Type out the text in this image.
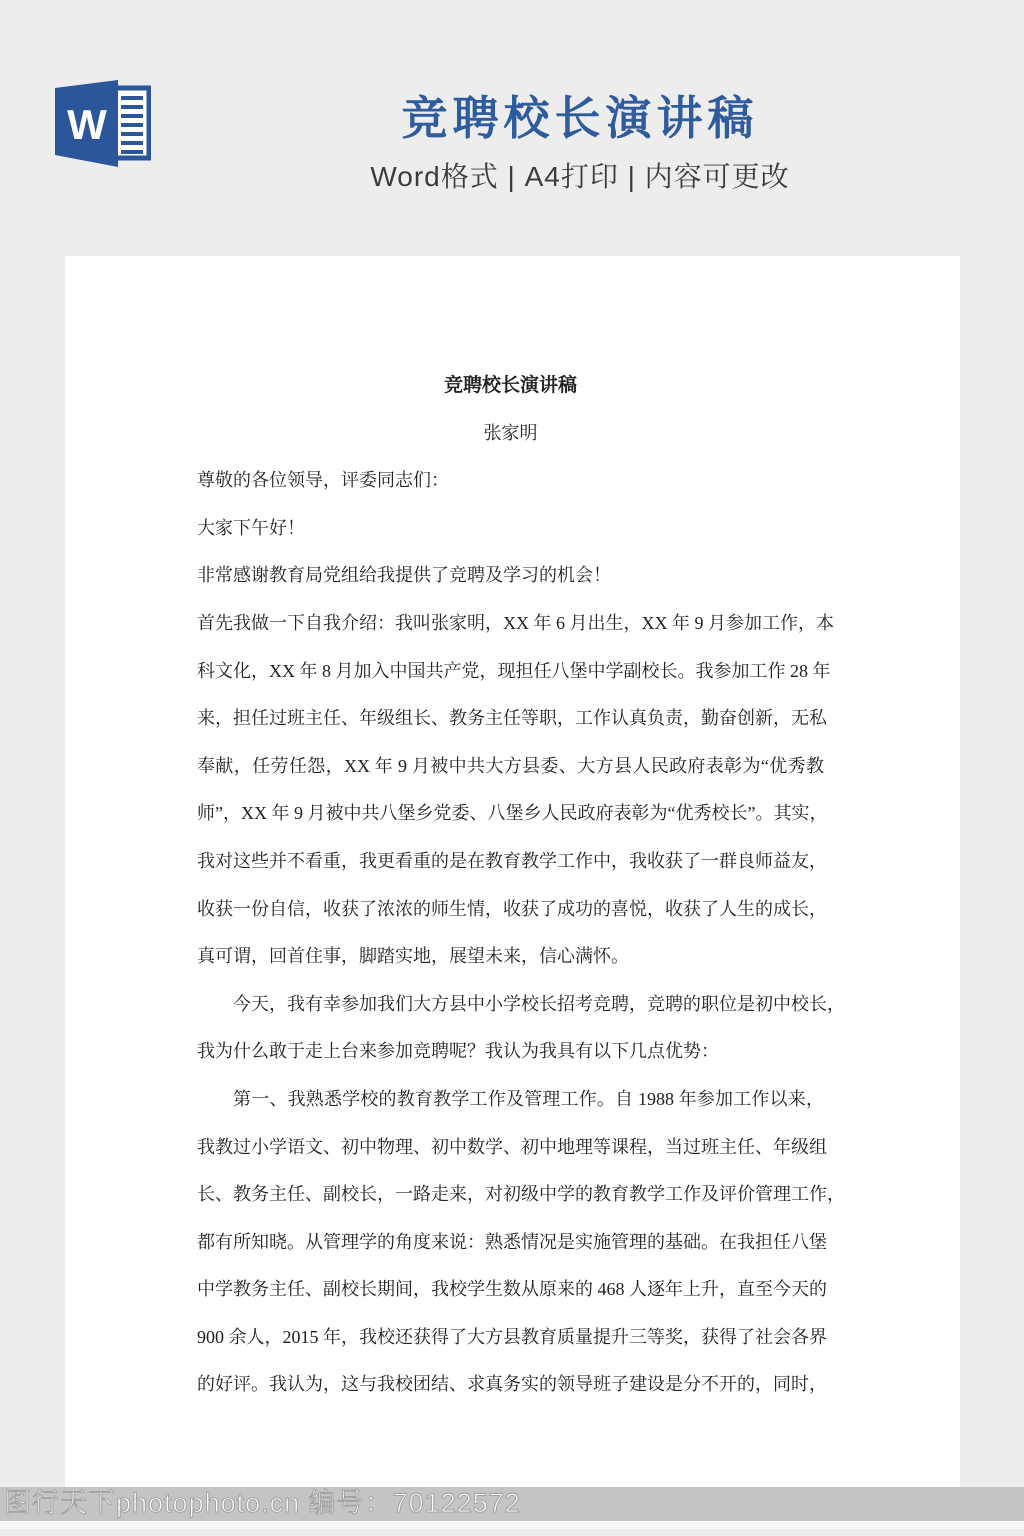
W	竞聘校长演讲稿
Word格式 | A4打印 | 内容可更改
竞聘校长演讲稿
张家明
尊敬的各位领导，评委同志们：
大家下午好！
非常感谢教育局党组给我提供了竞聘及学习的机会！
首先我做一下自我介绍：我叫张家明，XX 年 6 月出生，XX 年 9 月参加工作，本
科文化，XX 年 8 月加入中国共产党，现担任八堡中学副校长。我参加工作 28 年
来，担任过班主任、年级组长、教务主任等职，工作认真负责，勤奋创新，无私
奉献，任劳任怨，XX 年 9 月被中共大方县委、大方县人民政府表彰为“优秀教
师”，XX 年 9 月被中共八堡乡党委、八堡乡人民政府表彰为“优秀校长”。其实，
我对这些并不看重，我更看重的是在教育教学工作中，我收获了一群良师益友，
收获一份自信，收获了浓浓的师生情，收获了成功的喜悦，收获了人生的成长，
真可谓，回首住事，脚踏实地，展望未来，信心满怀。
今天，我有幸参加我们大方县中小学校长招考竞聘，竞聘的职位是初中校长，
我为什么敢于走上台来参加竞聘呢？我认为我具有以下几点优势：
第一、我熟悉学校的教育教学工作及管理工作。自 1988 年参加工作以来，
我教过小学语文、初中物理、初中数学、初中地理等课程，当过班主任、年级组
长、教务主任、副校长，一路走来，对初级中学的教育教学工作及评价管理工作，
都有所知晓。从管理学的角度来说：熟悉情况是实施管理的基础。在我担任八堡
中学教务主任、副校长期间，我校学生数从原来的 468 人逐年上升，直至今天的
900 余人，2015 年，我校还获得了大方县教育质量提升三等奖，获得了社会各界
的好评。我认为，这与我校团结、求真务实的领导班子建设是分不开的，同时，
图行天下photophoto.cn 编号：70122572
